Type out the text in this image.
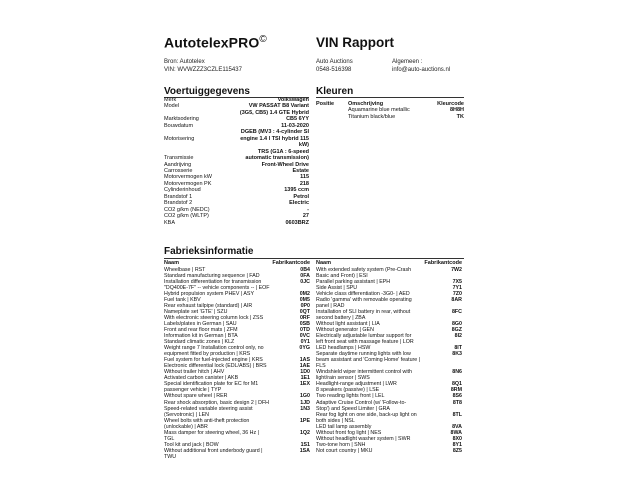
AutotelexPRO©	VIN Rapport
Bron: Autotelex
VIN: WVWZZZ3CZLE115437
Auto Auctions
0548-516398
Algemeen :
info@auto-auctions.nl
Voertuiggegevens
Merk	Volkswagen
Model	VW PASSAT B8 Variant
(3G5, CB5) 1.4 GTE Hybrid
Marktsodering	CB5 6YY
Bouwdatum	11-03-2020
DGEB (MV3 : 4-cylinder SI
Motorisering	engine 1.4 l TSI hybrid 115
kW)
TRS (G1A : 6-speed
Transmissie	automatic transmission)
Aandrijving	Front-Wheel Drive
Carrosserie	Estate
Motorvermogen kW	115
Motorvermogen PK	218
Cylinderinhoud	1395 ccm
Brandstof 1	Petrol
Brandstof 2	Electric
CO2 g/km (NEDC)	-
CO2 g/km (WLTP)	27
KBA	0603BRZ
Kleuren
Positie	Omschrijving	Kleurcode
Aquamarine blue metallic	8H8H
Titanium black/blue	TK
Fabrieksinformatie
Naam	Fabrikantcode
Wheelbase | RST	0B4
Standard manufacturing sequence | FAD	0FA
Installation differentiation for transmission	0JC
"DQ400E-7F" -- vehicle components -- | EOF
Hybrid propulsion system PHEV | ASY	0M2
Fuel tank | KBV	0M5
Rear exhaust tailpipe (standard) | AIR	0P0
Nameplate set 'GTE' | SZU	0QT
With electronic steering column lock | ZSS	0RF
Labels/plates in German | SAU	0SB
Front and rear floor mats | ZFM	0TD
Information kit in German | BTA	0VC
Standard climatic zones | KLZ	0Y1
Weight range 7 Installation control only, no	0YG
equipment fitted by production | KRS
Fuel system for fuel-injected engine | KRS	1AS
Electronic differential lock (EDL/ABS) | BRS	1AE
Without trailer hitch | AHV	1D0
Activated carbon canister | AKB	1E1
Special identification plate for EC for M1	1EX
passenger vehicle | TYP
Without spare wheel | RER	1G0
Rear shock absorption, basic design 2 | DFH	1JD
Speed-related variable steering assist	1N3
(Servotronic) | LEN
Wheel bolts with anti-theft protection	1PE
(unlockable) | ABR
Mass damper for steering wheel, 36 Hz |	1Q2
TGL
Tool kit and jack | BOW	1S1
Without additional front underbody guard |	1SA
TWU
Naam	Fabrikantcode
With extended safety system (Pre-Crash	7W2
Basic and Front) | ESI
Parallel parking assistant | EPH	7X5
Side Assist | SPU	7Y1
Vehicle class differentiation -3G0- | AED	7Z0
Radio 'gamma' with removable operating	8AR
panel | RAD
Installation of SLI battery in rear, without	8FC
second battery | ZBA
Without light assistant | LIA	8G0
Without generator | GEN	8GZ
Electrically adjustable lumbar support for	8I2
left front seat with massage feature | LOR
LED headlamps | HSW	8IT
Separate daytime running lights with low	8K3
beam assistant and 'Coming Home' feature |
FLS
Windshield wiper intermittent control with	8N6
light/rain sensor | SWS
Headlight-range adjustment | LWR	8Q1
8 speakers (passive) | LSE	8RM
Two reading lights front | LEL	8S6
Adaptive Cruise Control (w/ 'Follow-to-	8T8
Stop') and Speed Limiter | GRA
Rear fog light on one side, back-up light on	8TL
both sides | NSL
LED tail lamp assembly	8VA
Without front fog light | NES	8WA
Without headlight washer system | SWR	8X0
Two-tone horn | SNH	8Y1
Not court country | MKU	8Z5
